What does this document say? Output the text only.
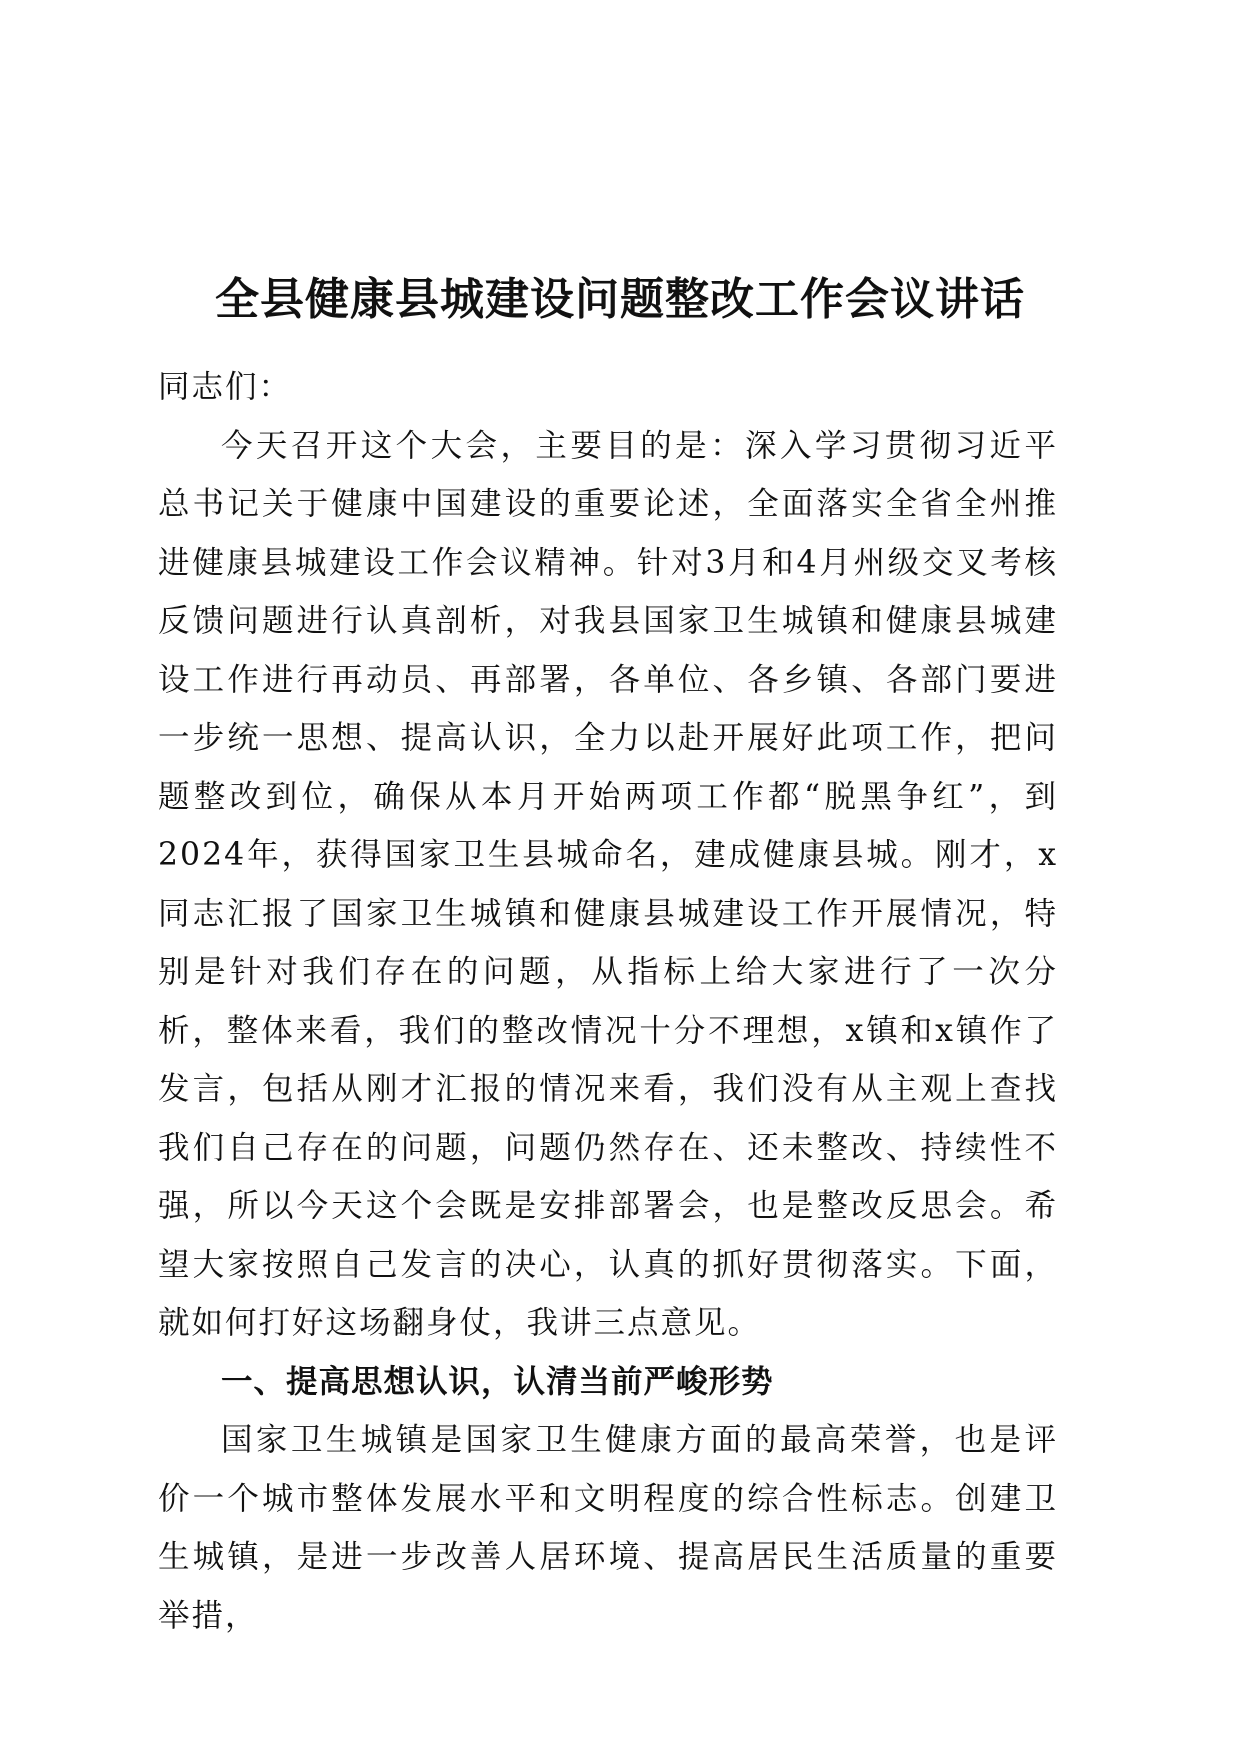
全县健康县城建设问题整改工作会议讲话

同志们：

今天召开这个大会，主要目的是：深入学习贯彻习近平总书记关于健康中国建设的重要论述，全面落实全省全州推进健康县城建设工作会议精神。针对3月和4月州级交叉考核反馈问题进行认真剖析，对我县国家卫生城镇和健康县城建设工作进行再动员、再部署，各单位、各乡镇、各部门要进一步统一思想、提高认识，全力以赴开展好此项工作，把问题整改到位，确保从本月开始两项工作都“脱黑争红”，到2024年，获得国家卫生县城命名，建成健康县城。刚才，x同志汇报了国家卫生城镇和健康县城建设工作开展情况，特别是针对我们存在的问题，从指标上给大家进行了一次分析，整体来看，我们的整改情况十分不理想，x镇和x镇作了发言，包括从刚才汇报的情况来看，我们没有从主观上查找我们自己存在的问题，问题仍然存在、还未整改、持续性不强，所以今天这个会既是安排部署会，也是整改反思会。希望大家按照自己发言的决心，认真的抓好贯彻落实。下面，就如何打好这场翻身仗，我讲三点意见。

一、提高思想认识，认清当前严峻形势

国家卫生城镇是国家卫生健康方面的最高荣誉，也是评价一个城市整体发展水平和文明程度的综合性标志。创建卫生城镇，是进一步改善人居环境、提高居民生活质量的重要举措，
